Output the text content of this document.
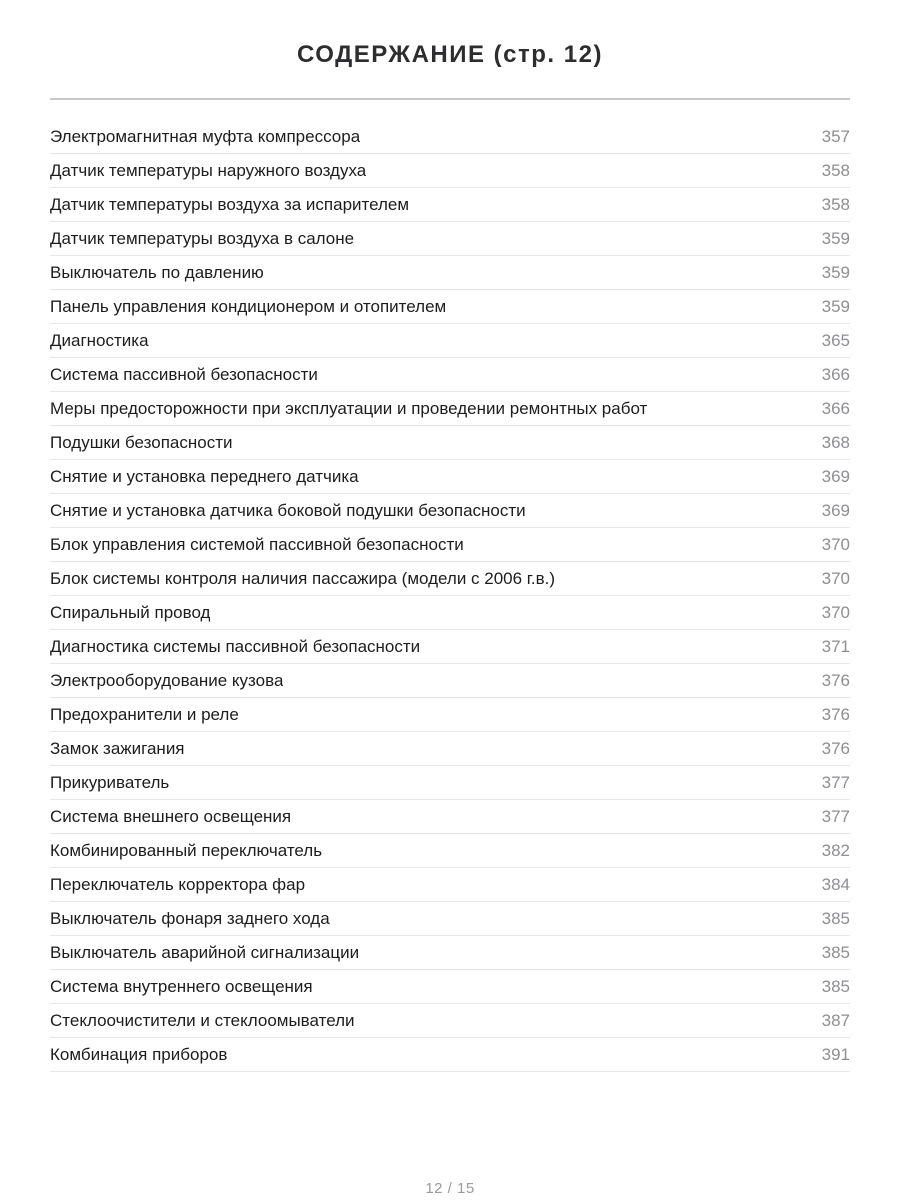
СОДЕРЖАНИЕ (стр. 12)
Электромагнитная муфта компрессора	357
Датчик температуры наружного воздуха	358
Датчик температуры воздуха за испарителем	358
Датчик температуры воздуха в салоне	359
Выключатель по давлению	359
Панель управления кондиционером и отопителем	359
Диагностика	365
Система пассивной безопасности	366
Меры предосторожности при эксплуатации и проведении ремонтных работ	366
Подушки безопасности	368
Снятие и установка переднего датчика	369
Снятие и установка датчика боковой подушки безопасности	369
Блок управления системой пассивной безопасности	370
Блок системы контроля наличия пассажира (модели с 2006 г.в.)	370
Спиральный провод	370
Диагностика системы пассивной безопасности	371
Электрооборудование кузова	376
Предохранители и реле	376
Замок зажигания	376
Прикуриватель	377
Система внешнего освещения	377
Комбинированный переключатель	382
Переключатель корректора фар	384
Выключатель фонаря заднего хода	385
Выключатель аварийной сигнализации	385
Система внутреннего освещения	385
Стеклоочистители и стеклоомыватели	387
Комбинация приборов	391
12 / 15
